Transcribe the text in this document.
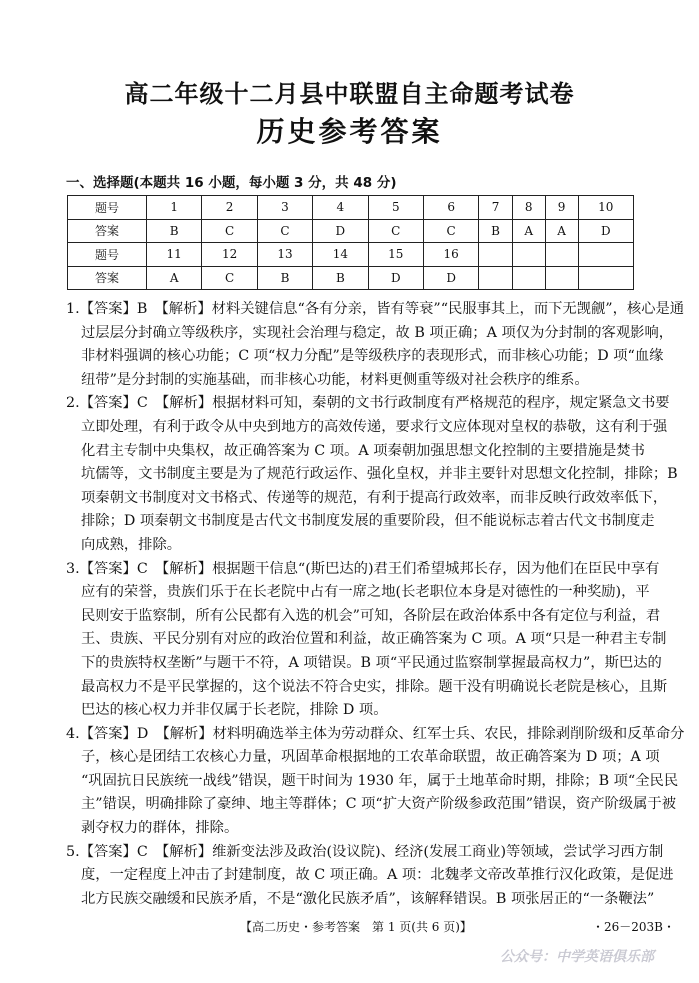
高二年级十二月县中联盟自主命题考试卷
历史参考答案
一、选择题(本题共 16 小题，每小题 3 分，共 48 分)
题号	1	2	3	4	5	6	7	8	9	10
答案	B	C	C	D	C	C	B	A	A	D
题号	11	12	13	14	15	16				
答案	A	C	B	B	D	D				
1.【答案】B　【解析】材料关键信息“各有分亲，皆有等衰”“民服事其上，而下无觊觎”，核心是通
过层层分封确立等级秩序，实现社会治理与稳定，故 B 项正确；A 项仅为分封制的客观影响，
非材料强调的核心功能；C 项“权力分配”是等级秩序的表现形式，而非核心功能；D 项“血缘
纽带”是分封制的实施基础，而非核心功能，材料更侧重等级对社会秩序的维系。
2.【答案】C　【解析】根据材料可知，秦朝的文书行政制度有严格规范的程序，规定紧急文书要
立即处理，有利于政令从中央到地方的高效传递，要求行文应体现对皇权的恭敬，这有利于强
化君主专制中央集权，故正确答案为 C 项。A 项秦朝加强思想文化控制的主要措施是焚书
坑儒等，文书制度主要是为了规范行政运作、强化皇权，并非主要针对思想文化控制，排除；B
项秦朝文书制度对文书格式、传递等的规范，有利于提高行政效率，而非反映行政效率低下，
排除；D 项秦朝文书制度是古代文书制度发展的重要阶段，但不能说标志着古代文书制度走
向成熟，排除。
3.【答案】C　【解析】根据题干信息“(斯巴达的)君王们希望城邦长存，因为他们在臣民中享有
应有的荣誉，贵族们乐于在长老院中占有一席之地(长老职位本身是对德性的一种奖励)，平
民则安于监察制，所有公民都有入选的机会”可知，各阶层在政治体系中各有定位与利益，君
王、贵族、平民分别有对应的政治位置和利益，故正确答案为 C 项。A 项“只是一种君主专制
下的贵族特权垄断”与题干不符，A 项错误。B 项“平民通过监察制掌握最高权力”，斯巴达的
最高权力不是平民掌握的，这个说法不符合史实，排除。题干没有明确说长老院是核心，且斯
巴达的核心权力并非仅属于长老院，排除 D 项。
4.【答案】D　【解析】材料明确选举主体为劳动群众、红军士兵、农民，排除剥削阶级和反革命分
子，核心是团结工农核心力量，巩固革命根据地的工农革命联盟，故正确答案为 D 项；A 项
“巩固抗日民族统一战线”错误，题干时间为 1930 年，属于土地革命时期，排除；B 项“全民民
主”错误，明确排除了豪绅、地主等群体；C 项“扩大资产阶级参政范围”错误，资产阶级属于被
剥夺权力的群体，排除。
5.【答案】C　【解析】维新变法涉及政治(设议院)、经济(发展工商业)等领域，尝试学习西方制
度，一定程度上冲击了封建制度，故 C 项正确。A 项：北魏孝文帝改革推行汉化政策，是促进
北方民族交融缓和民族矛盾，不是“激化民族矛盾”，该解释错误。B 项张居正的“一条鞭法”
【高二历史・参考答案　第 1 页(共 6 页)】	・26－203B・
公众号：中学英语俱乐部
